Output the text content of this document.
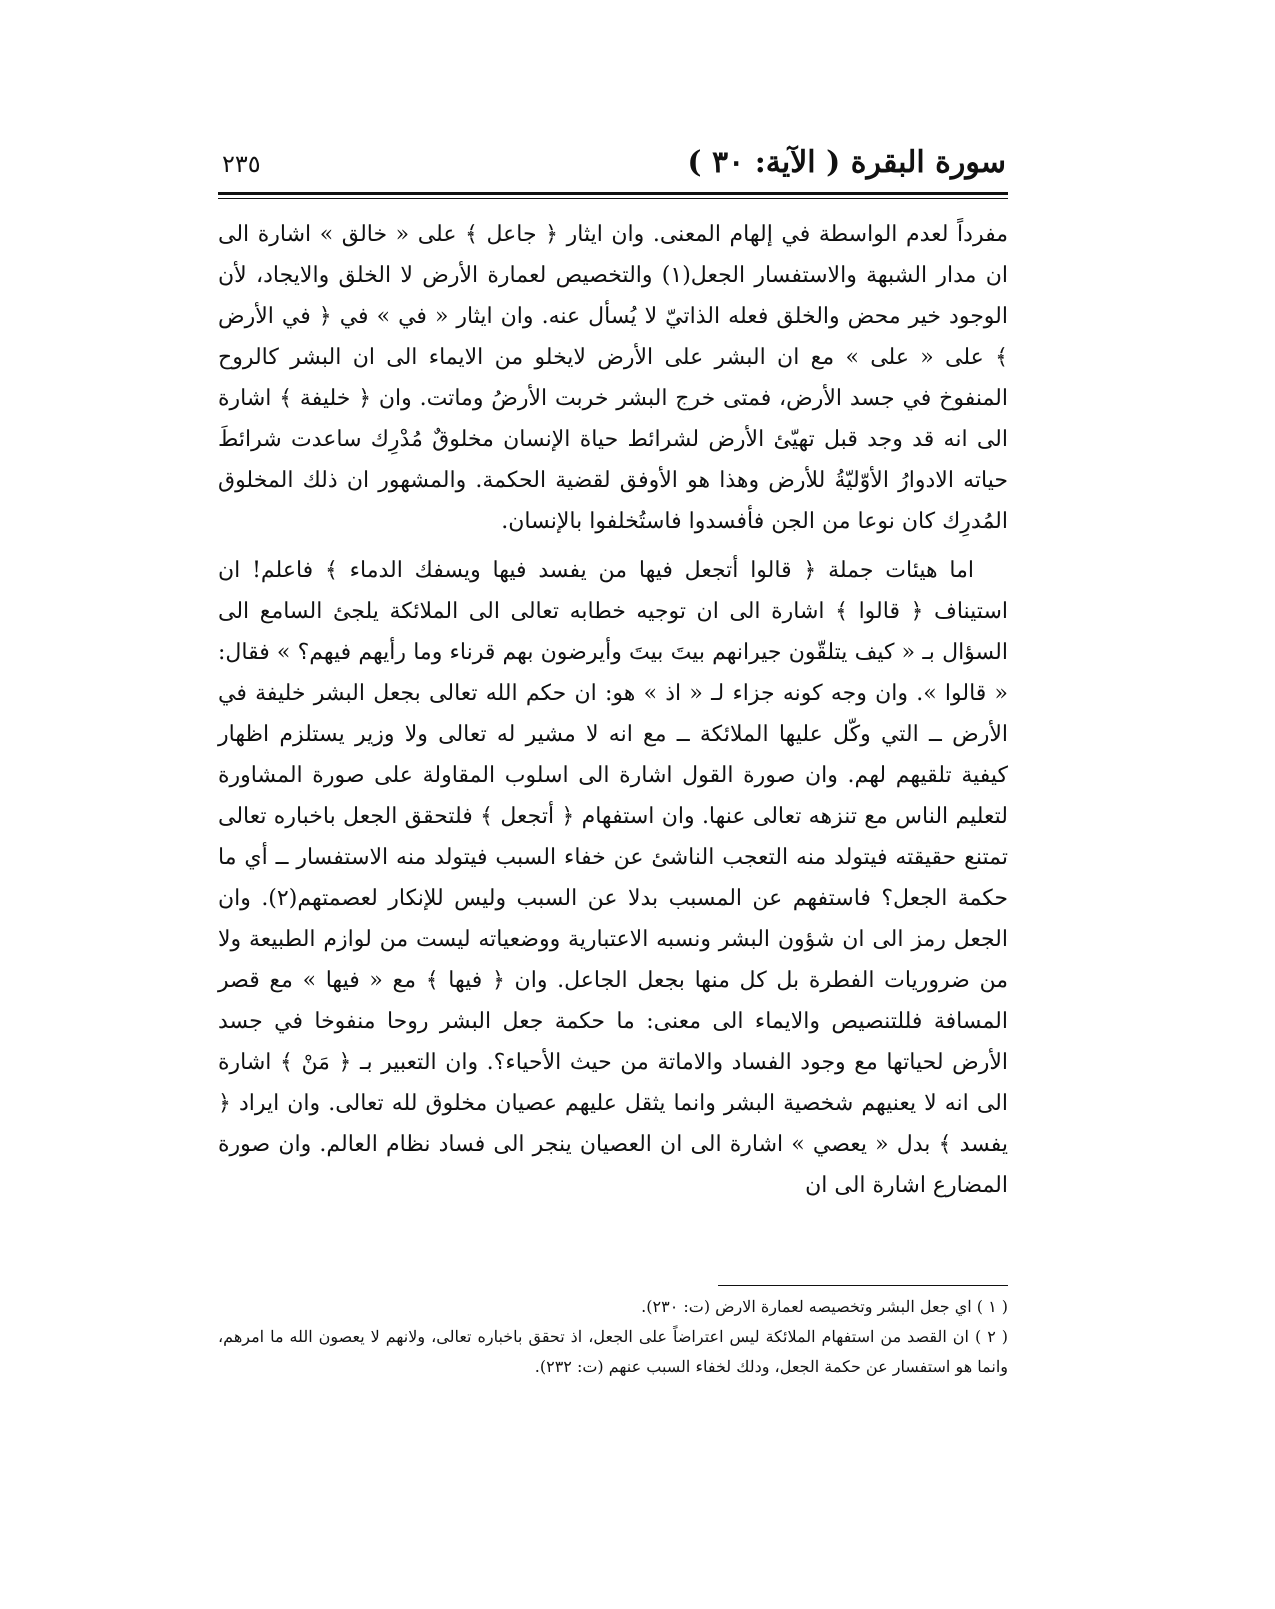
سورة البقرة ( الآية: ٣٠ )
٢٣٥

مفرداً لعدم الواسطة في إلهام المعنى. وان ايثار ﴿ جاعل ﴾ على « خالق » اشارة الى ان مدار الشبهة والاستفسار الجعل(١) والتخصيص لعمارة الأرض لا الخلق والايجاد، لأن الوجود خير محض والخلق فعله الذاتيّ لا يُسأل عنه. وان ايثار « في » في ﴿ في الأرض ﴾ على « على » مع ان البشر على الأرض لايخلو من الايماء الى ان البشر كالروح المنفوخ في جسد الأرض، فمتى خرج البشر خربت الأرضُ وماتت. وان ﴿ خليفة ﴾ اشارة الى انه قد وجد قبل تهيّئ الأرض لشرائط حياة الإنسان مخلوقٌ مُدْرِك ساعدت شرائطَ حياته الادوارُ الأوّليّةُ للأرض وهذا هو الأوفق لقضية الحكمة. والمشهور ان ذلك المخلوق المُدرِك كان نوعا من الجن فأفسدوا فاستُخلفوا بالإنسان.

اما هيئات جملة ﴿ قالوا أتجعل فيها من يفسد فيها ويسفك الدماء ﴾ فاعلم! ان استيناف ﴿ قالوا ﴾ اشارة الى ان توجيه خطابه تعالى الى الملائكة يلجئ السامع الى السؤال بـ « كيف يتلقّون جيرانهم بيتَ بيتَ وأيرضون بهم قرناء وما رأيهم فيهم؟ » فقال: « قالوا ». وان وجه كونه جزاء لـ « اذ » هو: ان حكم الله تعالى بجعل البشر خليفة في الأرض ــ التي وكّل عليها الملائكة ــ مع انه لا مشير له تعالى ولا وزير يستلزم اظهار كيفية تلقيهم لهم. وان صورة القول اشارة الى اسلوب المقاولة على صورة المشاورة لتعليم الناس مع تنزهه تعالى عنها. وان استفهام ﴿ أتجعل ﴾ فلتحقق الجعل باخباره تعالى تمتنع حقيقته فيتولد منه التعجب الناشئ عن خفاء السبب فيتولد منه الاستفسار ــ أي ما حكمة الجعل؟ فاستفهم عن المسبب بدلا عن السبب وليس للإنكار لعصمتهم(٢). وان الجعل رمز الى ان شؤون البشر ونسبه الاعتبارية ووضعياته ليست من لوازم الطبيعة ولا من ضروريات الفطرة بل كل منها بجعل الجاعل. وان ﴿ فيها ﴾ مع « فيها » مع قصر المسافة فللتنصيص والايماء الى معنى: ما حكمة جعل البشر روحا منفوخا في جسد الأرض لحياتها مع وجود الفساد والاماتة من حيث الأحياء؟. وان التعبير بـ ﴿ مَنْ ﴾ اشارة الى انه لا يعنيهم شخصية البشر وانما يثقل عليهم عصيان مخلوق لله تعالى. وان ايراد ﴿ يفسد ﴾ بدل « يعصي » اشارة الى ان العصيان ينجر الى فساد نظام العالم. وان صورة المضارع اشارة الى ان

( ١ ) اي جعل البشر وتخصيصه لعمارة الارض (ت: ٢٣٠).

( ٢ ) ان القصد من استفهام الملائكة ليس اعتراضاً على الجعل، اذ تحقق باخباره تعالى، ولانهم لا يعصون الله ما امرهم، وانما هو استفسار عن حكمة الجعل، ودلك لخفاء السبب عنهم (ت: ٢٣٢).
